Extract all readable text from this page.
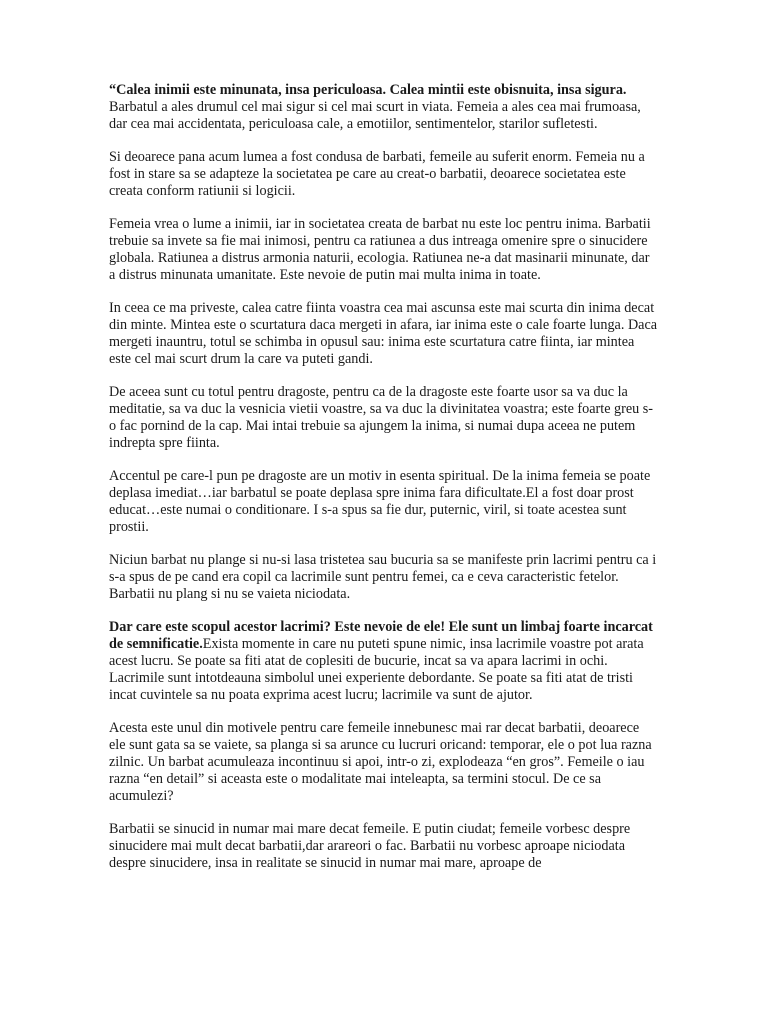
“Calea inimii este minunata, insa periculoasa. Calea mintii este obisnuita, insa sigura. Barbatul a ales drumul cel mai sigur si cel mai scurt in viata. Femeia a ales cea mai frumoasa, dar cea mai accidentata, periculoasa cale, a emotiilor, sentimentelor, starilor sufletesti.

Si deoarece pana acum lumea a fost condusa de barbati, femeile au suferit enorm. Femeia nu a fost in stare sa se adapteze la societatea pe care au creat-o barbatii, deoarece societatea este creata conform ratiunii si logicii.

Femeia vrea o lume a inimii, iar in societatea creata de barbat nu este loc pentru inima. Barbatii trebuie sa invete sa fie mai inimosi, pentru ca ratiunea a dus intreaga omenire spre o sinucidere globala. Ratiunea a distrus armonia naturii, ecologia. Ratiunea ne-a dat masinarii minunate, dar a distrus minunata umanitate. Este nevoie de putin mai multa inima in toate.

In ceea ce ma priveste, calea catre fiinta voastra cea mai ascunsa este mai scurta din inima decat din minte. Mintea este o scurtatura daca mergeti in afara, iar inima este o cale foarte lunga. Daca mergeti inauntru, totul se schimba in opusul sau: inima este scurtatura catre fiinta, iar mintea este cel mai scurt drum la care va puteti gandi.

De aceea sunt cu totul pentru dragoste, pentru ca de la dragoste este foarte usor sa va duc la meditatie, sa va duc la vesnicia vietii voastre, sa va duc la divinitatea voastra; este foarte greu s-o fac pornind de la cap. Mai intai trebuie sa ajungem la inima, si numai dupa aceea ne putem indrepta spre fiinta.

Accentul pe care-l pun pe dragoste are un motiv in esenta spiritual. De la inima femeia se poate deplasa imediat…iar barbatul se poate deplasa spre inima fara dificultate.El a fost doar prost educat…este numai o conditionare. I s-a spus sa fie dur, puternic, viril, si toate acestea sunt prostii.

Niciun barbat nu plange si nu-si lasa tristetea sau bucuria sa se manifeste prin lacrimi pentru ca i s-a spus de pe cand era copil ca lacrimile sunt pentru femei, ca e ceva caracteristic fetelor. Barbatii nu plang si nu se vaieta niciodata.

Dar care este scopul acestor lacrimi? Este nevoie de ele! Ele sunt un limbaj foarte incarcat de semnificatie.Exista momente in care nu puteti spune nimic, insa lacrimile voastre pot arata acest lucru. Se poate sa fiti atat de coplesiti de bucurie, incat sa va apara lacrimi in ochi. Lacrimile sunt intotdeauna simbolul unei experiente debordante. Se poate sa fiti atat de tristi incat cuvintele sa nu poata exprima acest lucru; lacrimile va sunt de ajutor.

Acesta este unul din motivele pentru care femeile innebunesc mai rar decat barbatii, deoarece ele sunt gata sa se vaiete, sa planga si sa arunce cu lucruri oricand: temporar, ele o pot lua razna zilnic. Un barbat acumuleaza incontinuu si apoi, intr-o zi, explodeaza “en gros”. Femeile o iau razna “en detail” si aceasta este o modalitate mai inteleapta, sa termini stocul. De ce sa acumulezi?

Barbatii se sinucid in numar mai mare decat femeile. E putin ciudat; femeile vorbesc despre sinucidere mai mult decat barbatii,dar arareori o fac. Barbatii nu vorbesc aproape niciodata despre sinucidere, insa in realitate se sinucid in numar mai mare, aproape de
